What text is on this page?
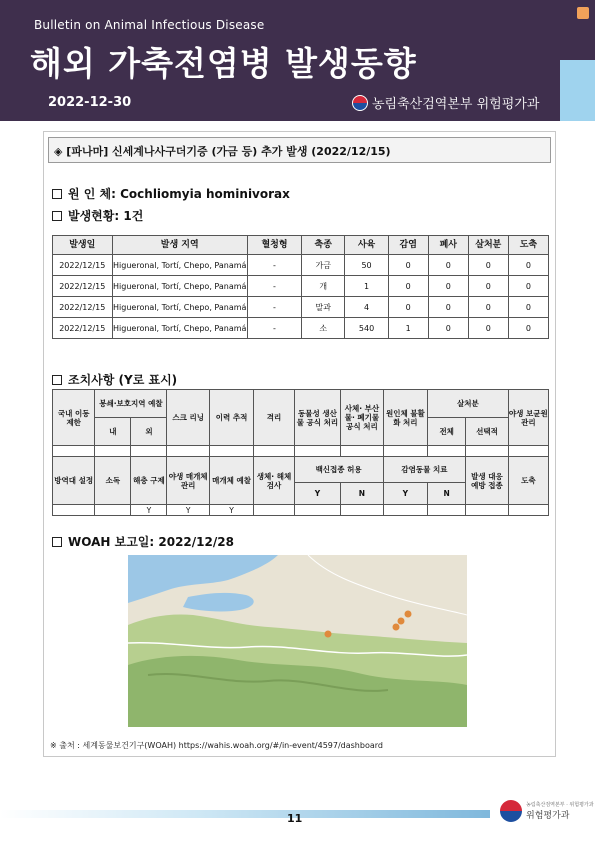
Bulletin on Animal Infectious Disease
해외 가축전염병 발생동향
2022-12-30	농림축산검역본부 위험평가과
◈ [파나마] 신세계나사구더기증 (가금 등) 추가 발생 (2022/12/15)
원 인 체: Cochliomyia hominivorax
발생현황: 1건
발생일	발생 지역	혈청형	축종	사육	감염	폐사	살처분	도축
2022/12/15	Higueronal, Tortí, Chepo, Panamá	-	가금	50	0	0	0	0
2022/12/15	Higueronal, Tortí, Chepo, Panamá	-	개	1	0	0	0	0
2022/12/15	Higueronal, Tortí, Chepo, Panamá	-	말과	4	0	0	0	0
2022/12/15	Higueronal, Tortí, Chepo, Panamá	-	소	540	1	0	0	0
조치사항 (Y로 표시)
국내 이동 제한	봉쇄·보호지역 예찰		스크 리닝	이력 추적	격리	동물성 생산물 공식 처리	사체· 부산물· 폐기물 공식 처리	원인체 불활화 처리	살처분		야생 보균원 관리
	내	외							전체	선택적	

방역대 설정	소독	해충 구제	야생 매개체 관리	매개체 예찰	생체· 해체 검사	백신접종 허용		감염동물 치료		발생 대응 예방 접종	도축
						Y	N	Y	N		
		Y	Y	Y							
WOAH 보고일: 2022/12/28
※ 출처 : 세계동물보건기구(WOAH) https://wahis.woah.org/#/in-event/4597/dashboard
11
농림축산검역본부 · 위험평가과
위험평가과
